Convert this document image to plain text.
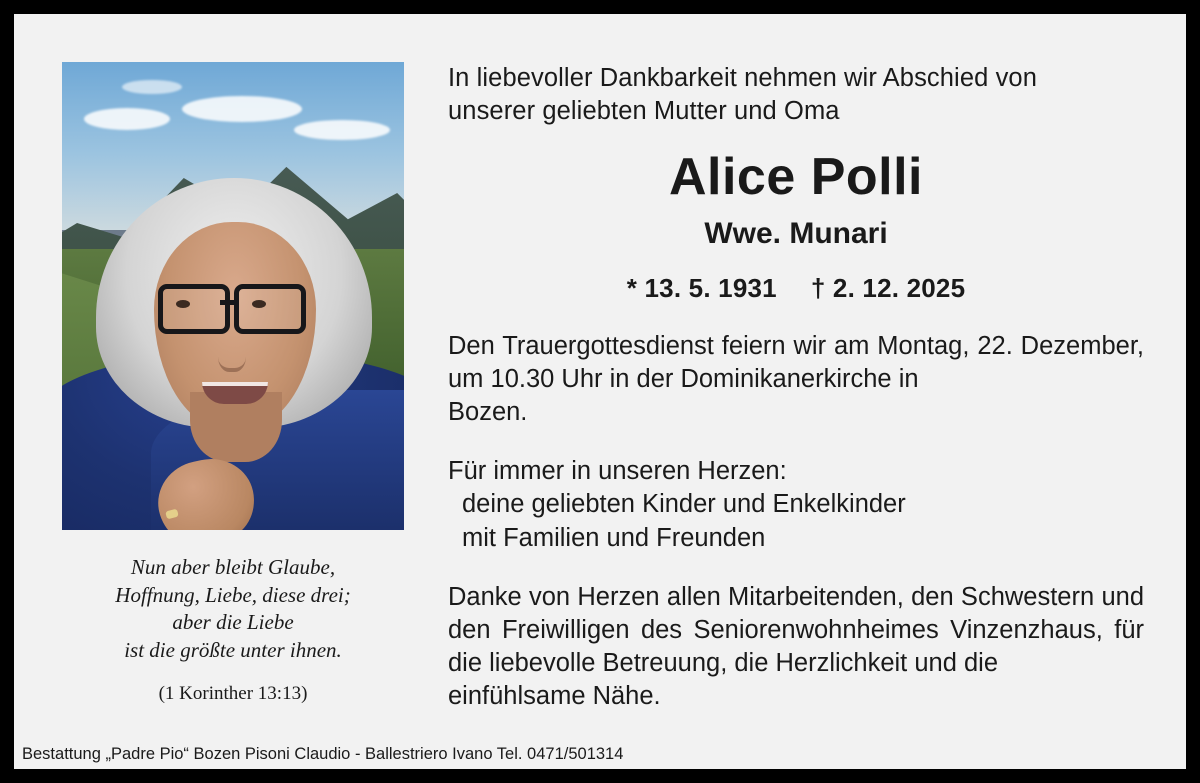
Nun aber bleibt Glaube,
Hoffnung, Liebe, diese drei;
aber die Liebe
ist die größte unter ihnen.
(1 Korinther 13:13)

In liebevoller Dankbarkeit nehmen wir Abschied von
unserer geliebten Mutter und Oma

Alice Polli
Wwe. Munari

* 13. 5. 1931 † 2. 12. 2025

Den Trauergottesdienst feiern wir am Montag, 22. Dezember, um 10.30 Uhr in der Dominikanerkirche in
Bozen.

Für immer in unseren Herzen:
deine geliebten Kinder und Enkelkinder
mit Familien und Freunden

Danke von Herzen allen Mitarbeitenden, den Schwestern und den Freiwilligen des Seniorenwohnheimes Vinzenzhaus, für die liebevolle Betreuung, die Herzlichkeit und die
einfühlsame Nähe.

Bestattung „Padre Pio“ Bozen Pisoni Claudio - Ballestriero Ivano Tel. 0471/501314
